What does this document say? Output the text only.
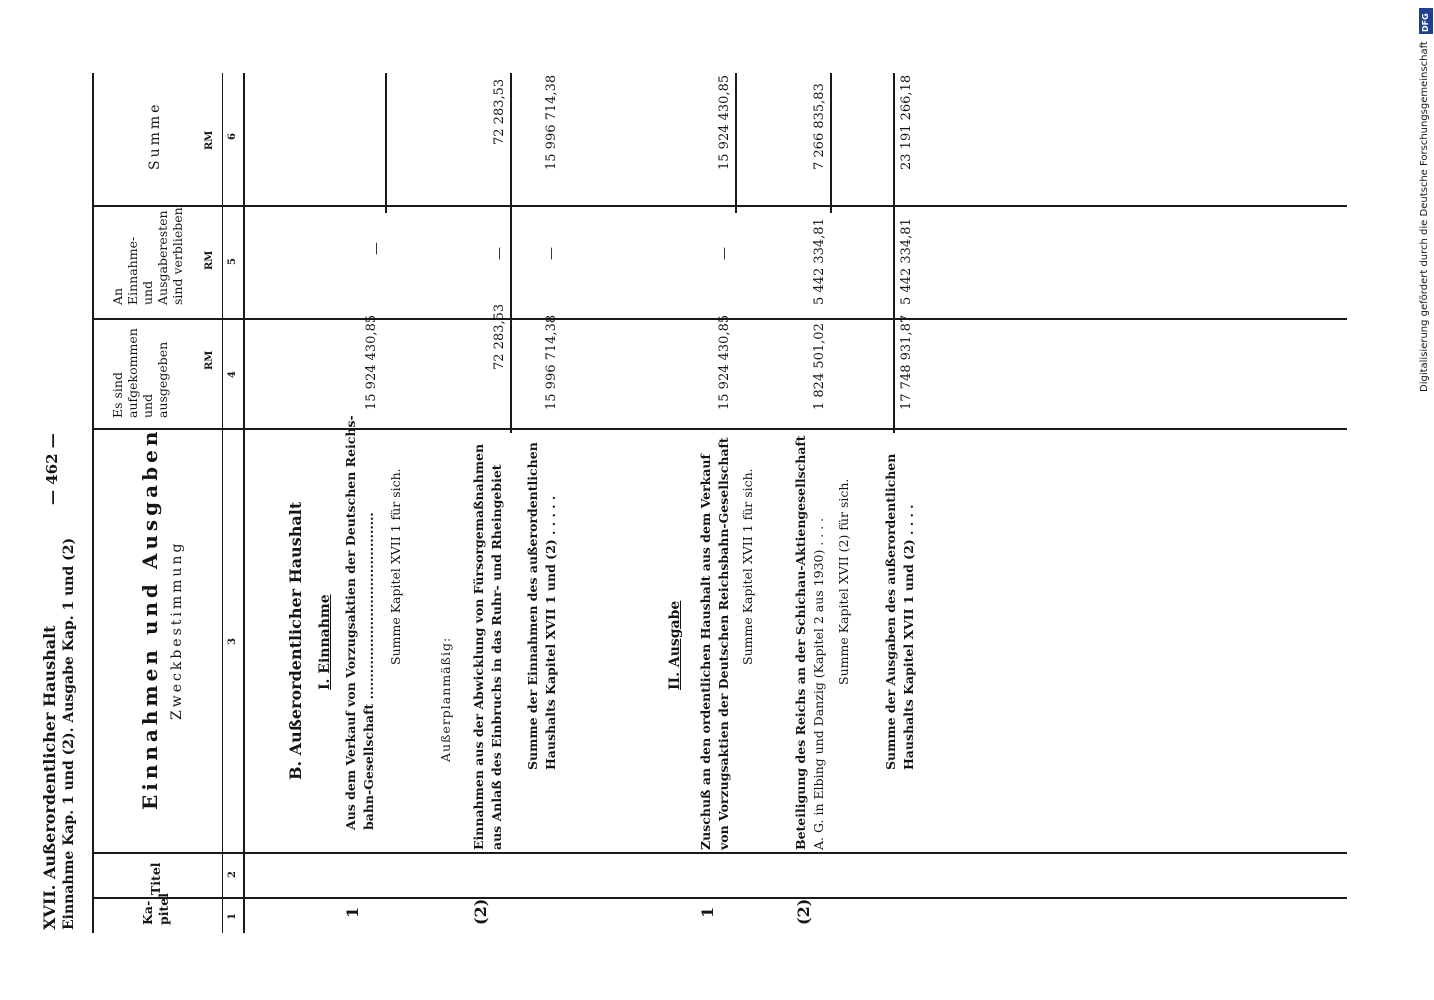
XVII. Außerordentlicher Haushalt Einnahme Kap. 1 und (2). Ausgabe Kap. 1 und (2)
— 462 —
Ka-
pitel
Titel
Einnahmen und Ausgaben Zweckbestimmung
Es sind
aufgekommen
und
ausgegeben
An
Einnahme-
und
Ausgaberesten
sind verblieben
Summe
RM
RM
RM
1
2
3
4
5
6
B. Außerordentlicher Haushalt I. Einnahme
1
Aus dem Verkauf von Vorzugsaktien der Deutschen Reichs- bahn-Gesellschaft ...........................................
15 924 430,85
Summe Kapitel XVII 1 für sich.
—
Außerplanmäßig:
(2)
Einnahmen aus der Abwicklung von Fürsorgemaßnahmen aus Anlaß des Einbruchs in das Ruhr- und Rheingebiet
72 283,53
—
72 283,53
Summe der Einnahmen des außerordentlichen Haushalts Kapitel XVII 1 und (2) . . . . .
15 996 714,38
—
15 996 714,38
II. Ausgabe
1
Zuschuß an den ordentlichen Haushalt aus dem Verkauf von Vorzugsaktien der Deutschen Reichsbahn-Gesellschaft
15 924 430,85
Summe Kapitel XVII 1 für sich.
—
15 924 430,85
(2)
Beteiligung des Reichs an der Schichau-Aktiengesellschaft A. G. in Elbing und Danzig (Kapitel 2 aus 1930) . . . .
1 824 501,02
5 442 334,81
7 266 835,83
Summe Kapitel XVII (2) für sich.	Summe der Ausgaben des außerordentlichen Haushalts Kapitel XVII 1 und (2) . . . .
17 748 931,87
5 442 334,81
23 191 266,18	Digitalisierung gefördert durch die Deutsche Forschungsgemeinschaft
DFG
